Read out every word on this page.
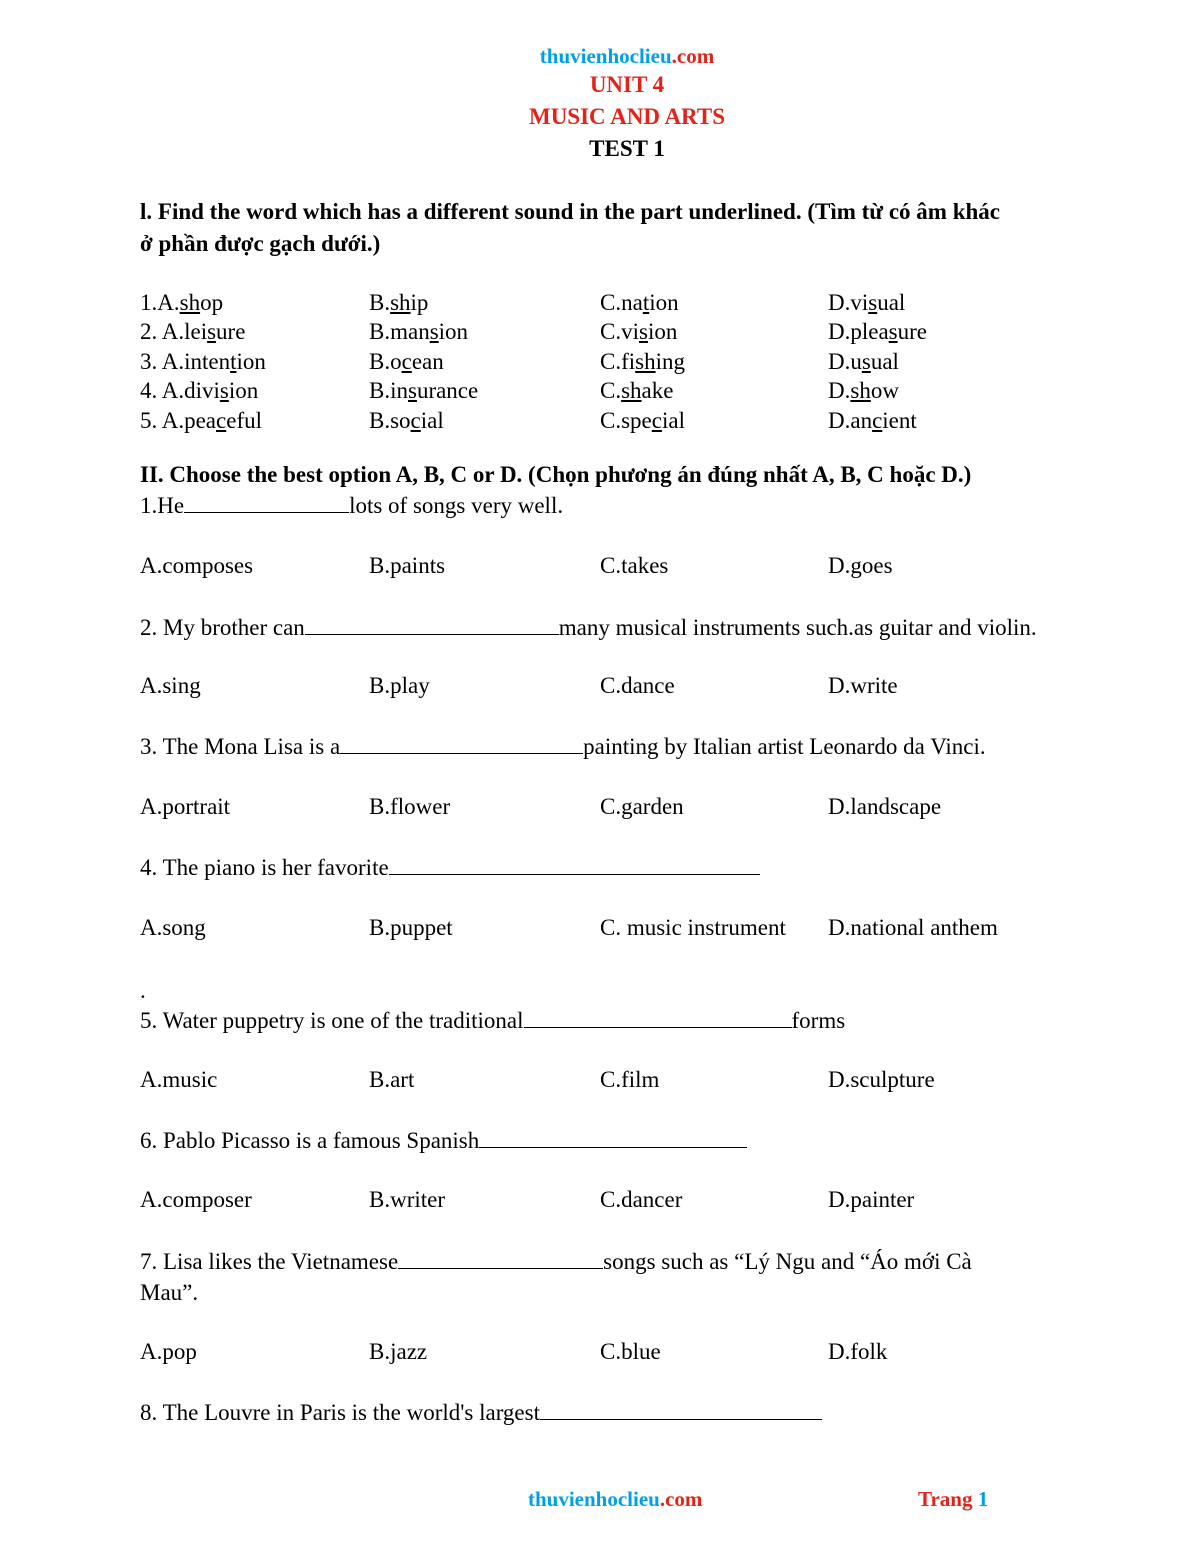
thuvienhoclieu.com
UNIT 4
MUSIC AND ARTS
TEST 1
l. Find the word which has a different sound in the part underlined. (Tìm từ có âm khác
ở phần được gạch dưới.)
1.A.shop	B.ship	C.nation	D.visual
2. A.leisure	B.mansion	C.vision	D.pleasure
3. A.intention	B.ocean	C.fishing	D.usual
4. A.division	B.insurance	C.shake	D.show
5. A.peaceful	B.social	C.special	D.ancient
II. Choose the best option A, B, C or D. (Chọn phương án đúng nhất A, B, C hoặc D.)
1.He	lots of songs very well.
A.composes	B.paints	C.takes	D.goes
2. My brother can	many musical instruments such.as guitar and violin.
A.sing	B.play	C.dance	D.write
3. The Mona Lisa is a	painting by Italian artist Leonardo da Vinci.
A.portrait	B.flower	C.garden	D.landscape
4. The piano is her favorite
A.song	B.puppet	C. music instrument D.national anthem
.
5. Water puppetry is one of the traditional	forms
A.music	B.art	C.film	D.sculpture
6. Pablo Picasso is a famous Spanish
A.composer	B.writer	C.dancer	D.painter
7. Lisa likes the Vietnamese	songs such as “Lý Ngu and “Áo mới Cà
Mau”.
A.pop	B.jazz	C.blue	D.folk
8. The Louvre in Paris is the world's largest
thuvienhoclieu.com	Trang 1
